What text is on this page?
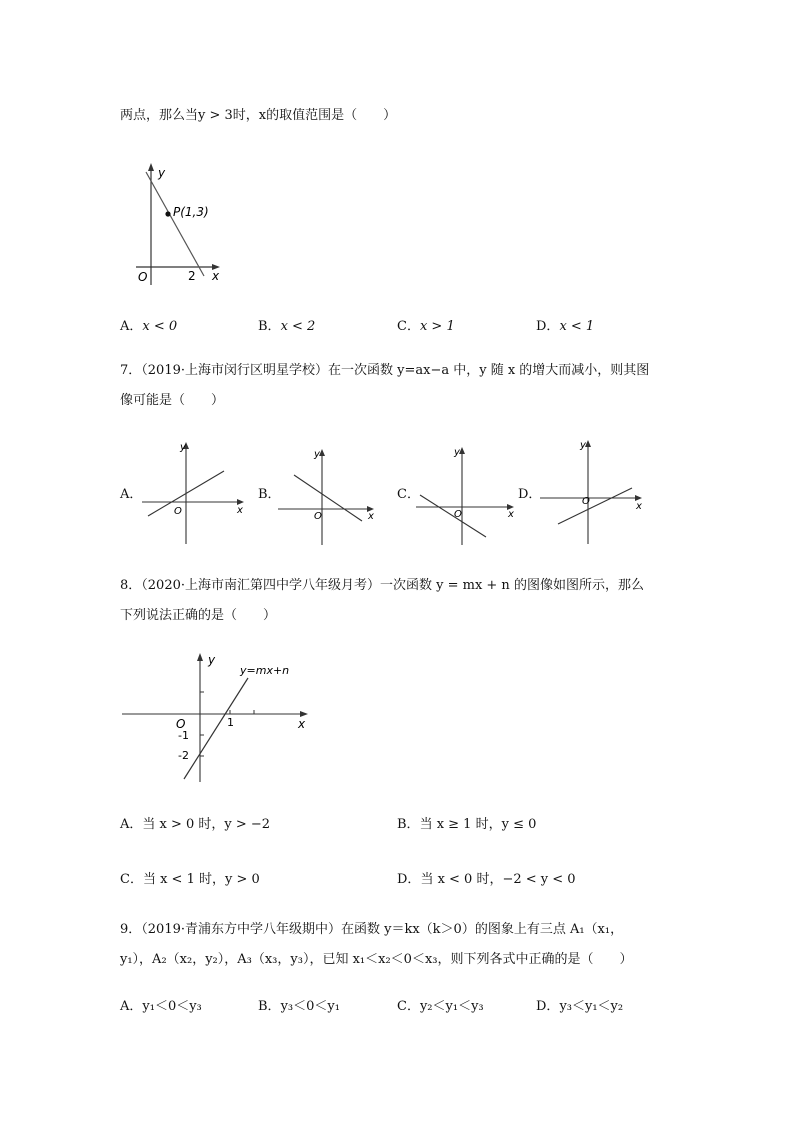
两点，那么当y > 3时，x的取值范围是（　　）
y
x
O
P(1,3)
2
A．x < 0	B．x < 2	C．x > 1	D．x < 1
7．（2019·上海市闵行区明星学校）在一次函数 y=ax−a 中，y 随 x 的增大而减小，则其图
像可能是（　　）
A．
y
x
O
B．
y
x
O
C．
y
x
O
D．
y
x
O
8．（2020·上海市南汇第四中学八年级月考）一次函数 y = mx + n 的图像如图所示，那么
下列说法正确的是（　　）
y
x
O
y=mx+n
1
-1
-2
A．当 x > 0 时，y > −2	B．当 x ≥ 1 时，y ≤ 0
C．当 x < 1 时，y > 0	D．当 x < 0 时，−2 < y < 0
9．（2019·青浦东方中学八年级期中）在函数 y＝kx（k＞0）的图象上有三点 A₁（x₁，
y₁），A₂（x₂，y₂），A₃（x₃，y₃），已知 x₁＜x₂＜0＜x₃，则下列各式中正确的是（　　）
A．y₁＜0＜y₃	B．y₃＜0＜y₁	C．y₂＜y₁＜y₃	D．y₃＜y₁＜y₂
